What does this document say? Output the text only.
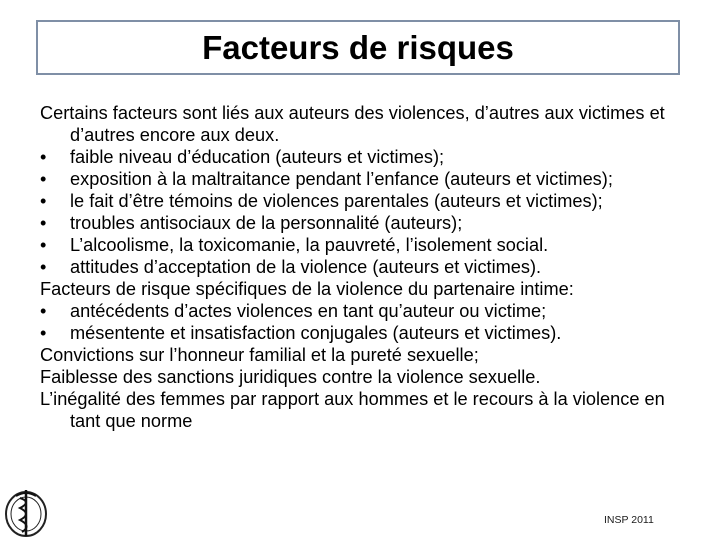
Facteurs de risques

Certains facteurs sont liés aux auteurs des violences, d’autres aux victimes et d’autres encore aux deux.

• faible niveau d’éducation (auteurs et victimes);

• exposition à la maltraitance pendant l’enfance (auteurs et victimes);

• le fait d’être témoins de violences parentales (auteurs et victimes);

• troubles antisociaux de la personnalité (auteurs);

• L’alcoolisme, la toxicomanie, la pauvreté, l’isolement social.

• attitudes d’acceptation de la violence (auteurs et victimes).

Facteurs de risque spécifiques de la violence du partenaire intime:

• antécédents d’actes violences en tant qu’auteur ou victime;

• mésentente et insatisfaction conjugales (auteurs et victimes).

Convictions sur l’honneur familial et la pureté sexuelle;

Faiblesse des sanctions juridiques contre la violence sexuelle.

L’inégalité des femmes par rapport aux hommes et le recours à la violence en tant que norme

INSP 2011
